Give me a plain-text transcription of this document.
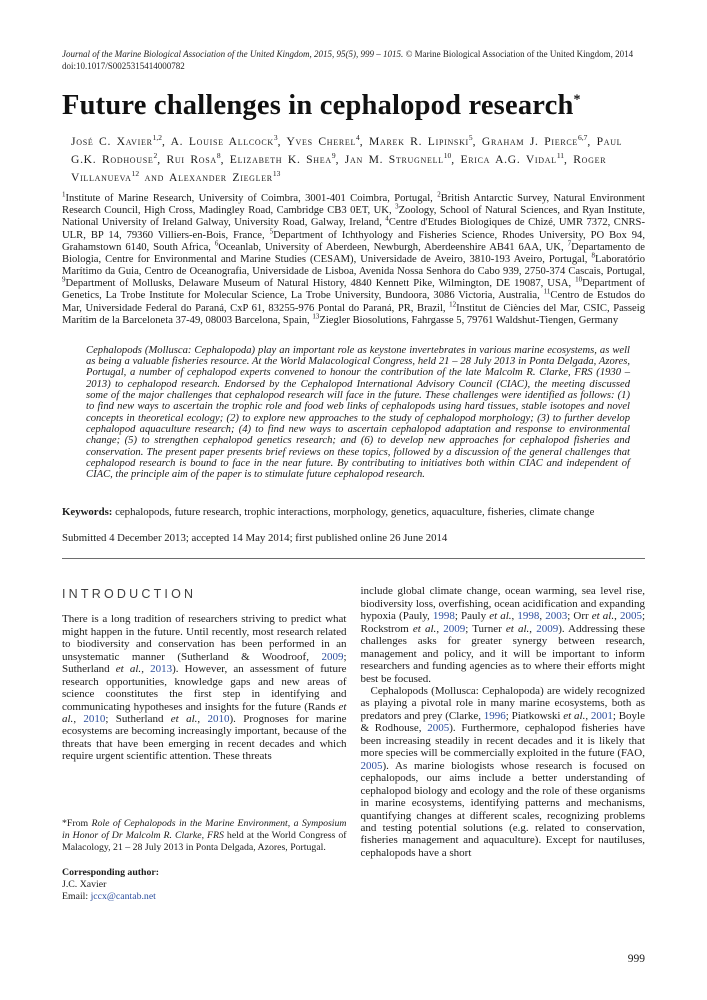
Journal of the Marine Biological Association of the United Kingdom, 2015, 95(5), 999 – 1015. © Marine Biological Association of the United Kingdom, 2014
doi:10.1017/S0025315414000782
Future challenges in cephalopod research*
José C. Xavier$^{1,2}$, A. Louise Allcock$^3$, Yves Cherel$^4$, Marek R. Lipinski$^5$, Graham J. Pierce$^{6,7}$, Paul G.K. Rodhouse$^2$, Rui Rosa$^8$, Elizabeth K. Shea$^9$, Jan M. Strugnell$^{10}$, Erica A.G. Vidal$^{11}$, Roger Villanueva$^{12}$ and Alexander Ziegler$^{13}$
$^1$Institute of Marine Research, University of Coimbra, 3001-401 Coimbra, Portugal, $^2$British Antarctic Survey, Natural Environment Research Council, High Cross, Madingley Road, Cambridge CB3 0ET, UK, $^3$Zoology, School of Natural Sciences, and Ryan Institute, National University of Ireland Galway, University Road, Galway, Ireland, $^4$Centre d'Etudes Biologiques de Chizé, UMR 7372, CNRS-ULR, BP 14, 79360 Villiers-en-Bois, France, $^5$Department of Ichthyology and Fisheries Science, Rhodes University, PO Box 94, Grahamstown 6140, South Africa, $^6$Oceanlab, University of Aberdeen, Newburgh, Aberdeenshire AB41 6AA, UK, $^7$Departamento de Biologia, Centre for Environmental and Marine Studies (CESAM), Universidade de Aveiro, 3810-193 Aveiro, Portugal, $^8$Laboratório Marítimo da Guia, Centro de Oceanografia, Universidade de Lisboa, Avenida Nossa Senhora do Cabo 939, 2750-374 Cascais, Portugal, $^9$Department of Mollusks, Delaware Museum of Natural History, 4840 Kennett Pike, Wilmington, DE 19087, USA, $^{10}$Department of Genetics, La Trobe Institute for Molecular Science, La Trobe University, Bundoora, 3086 Victoria, Australia, $^{11}$Centro de Estudos do Mar, Universidade Federal do Paraná, CxP 61, 83255-976 Pontal do Paraná, PR, Brazil, $^{12}$Institut de Ciències del Mar, CSIC, Passeig Marítim de la Barceloneta 37-49, 08003 Barcelona, Spain, $^{13}$Ziegler Biosolutions, Fahrgasse 5, 79761 Waldshut-Tiengen, Germany
Cephalopods (Mollusca: Cephalopoda) play an important role as keystone invertebrates in various marine ecosystems, as well as being a valuable fisheries resource. At the World Malacological Congress, held 21 – 28 July 2013 in Ponta Delgada, Azores, Portugal, a number of cephalopod experts convened to honour the contribution of the late Malcolm R. Clarke, FRS (1930 – 2013) to cephalopod research. Endorsed by the Cephalopod International Advisory Council (CIAC), the meeting discussed some of the major challenges that cephalopod research will face in the future. These challenges were identified as follows: (1) to find new ways to ascertain the trophic role and food web links of cephalopods using hard tissues, stable isotopes and novel concepts in theoretical ecology; (2) to explore new approaches to the study of cephalopod morphology; (3) to further develop cephalopod aquaculture research; (4) to find new ways to ascertain cephalopod adaptation and response to environmental change; (5) to strengthen cephalopod genetics research; and (6) to develop new approaches for cephalopod fisheries and conservation. The present paper presents brief reviews on these topics, followed by a discussion of the general challenges that cephalopod research is bound to face in the near future. By contributing to initiatives both within CIAC and independent of CIAC, the principle aim of the paper is to stimulate future cephalopod research.
Keywords: cephalopods, future research, trophic interactions, morphology, genetics, aquaculture, fisheries, climate change
Submitted 4 December 2013; accepted 14 May 2014; first published online 26 June 2014
INTRODUCTION

There is a long tradition of researchers striving to predict what might happen in the future. Until recently, most research related to biodiversity and conservation has been performed in an unsystematic manner (Sutherland & Woodroof, 2009; Sutherland et al., 2013). However, an assessment of future research opportunities, knowledge gaps and new areas of science coonstitutes the first step in identifying and communicating hypotheses and insights for the future (Rands et al., 2010; Sutherland et al., 2010). Prognoses for marine ecosystems are becoming increasingly important, because of the threats that have been emerging in recent decades and which require urgent scientific attention. These threats

*From Role of Cephalopods in the Marine Environment, a Symposium in Honor of Dr Malcolm R. Clarke, FRS held at the World Congress of Malacology, 21 – 28 July 2013 in Ponta Delgada, Azores, Portugal.

Corresponding author:
J.C. Xavier
Email: jccx@cantab.net

include global climate change, ocean warming, sea level rise, biodiversity loss, overfishing, ocean acidification and expanding hypoxia (Pauly, 1998; Pauly et al., 1998, 2003; Orr et al., 2005; Rockstrom et al., 2009; Turner et al., 2009). Addressing these challenges asks for greater synergy between research, management and policy, and it will be important to inform researchers and funding agencies as to where their efforts might best be focused.

Cephalopods (Mollusca: Cephalopoda) are widely recognized as playing a pivotal role in many marine ecosystems, both as predators and prey (Clarke, 1996; Piatkowski et al., 2001; Boyle & Rodhouse, 2005). Furthermore, cephalopod fisheries have been increasing steadily in recent decades and it is likely that more species will be commercially exploited in the future (FAO, 2005). As marine biologists whose research is focused on cephalopods, our aims include a better understanding of cephalopod biology and ecology and the role of these organisms in marine ecosystems, identifying patterns and mechanisms, quantifying changes at different scales, recognizing problems and testing potential solutions (e.g. related to conservation, fisheries management and aquaculture). Except for nautiluses, cephalopods have a short

999
